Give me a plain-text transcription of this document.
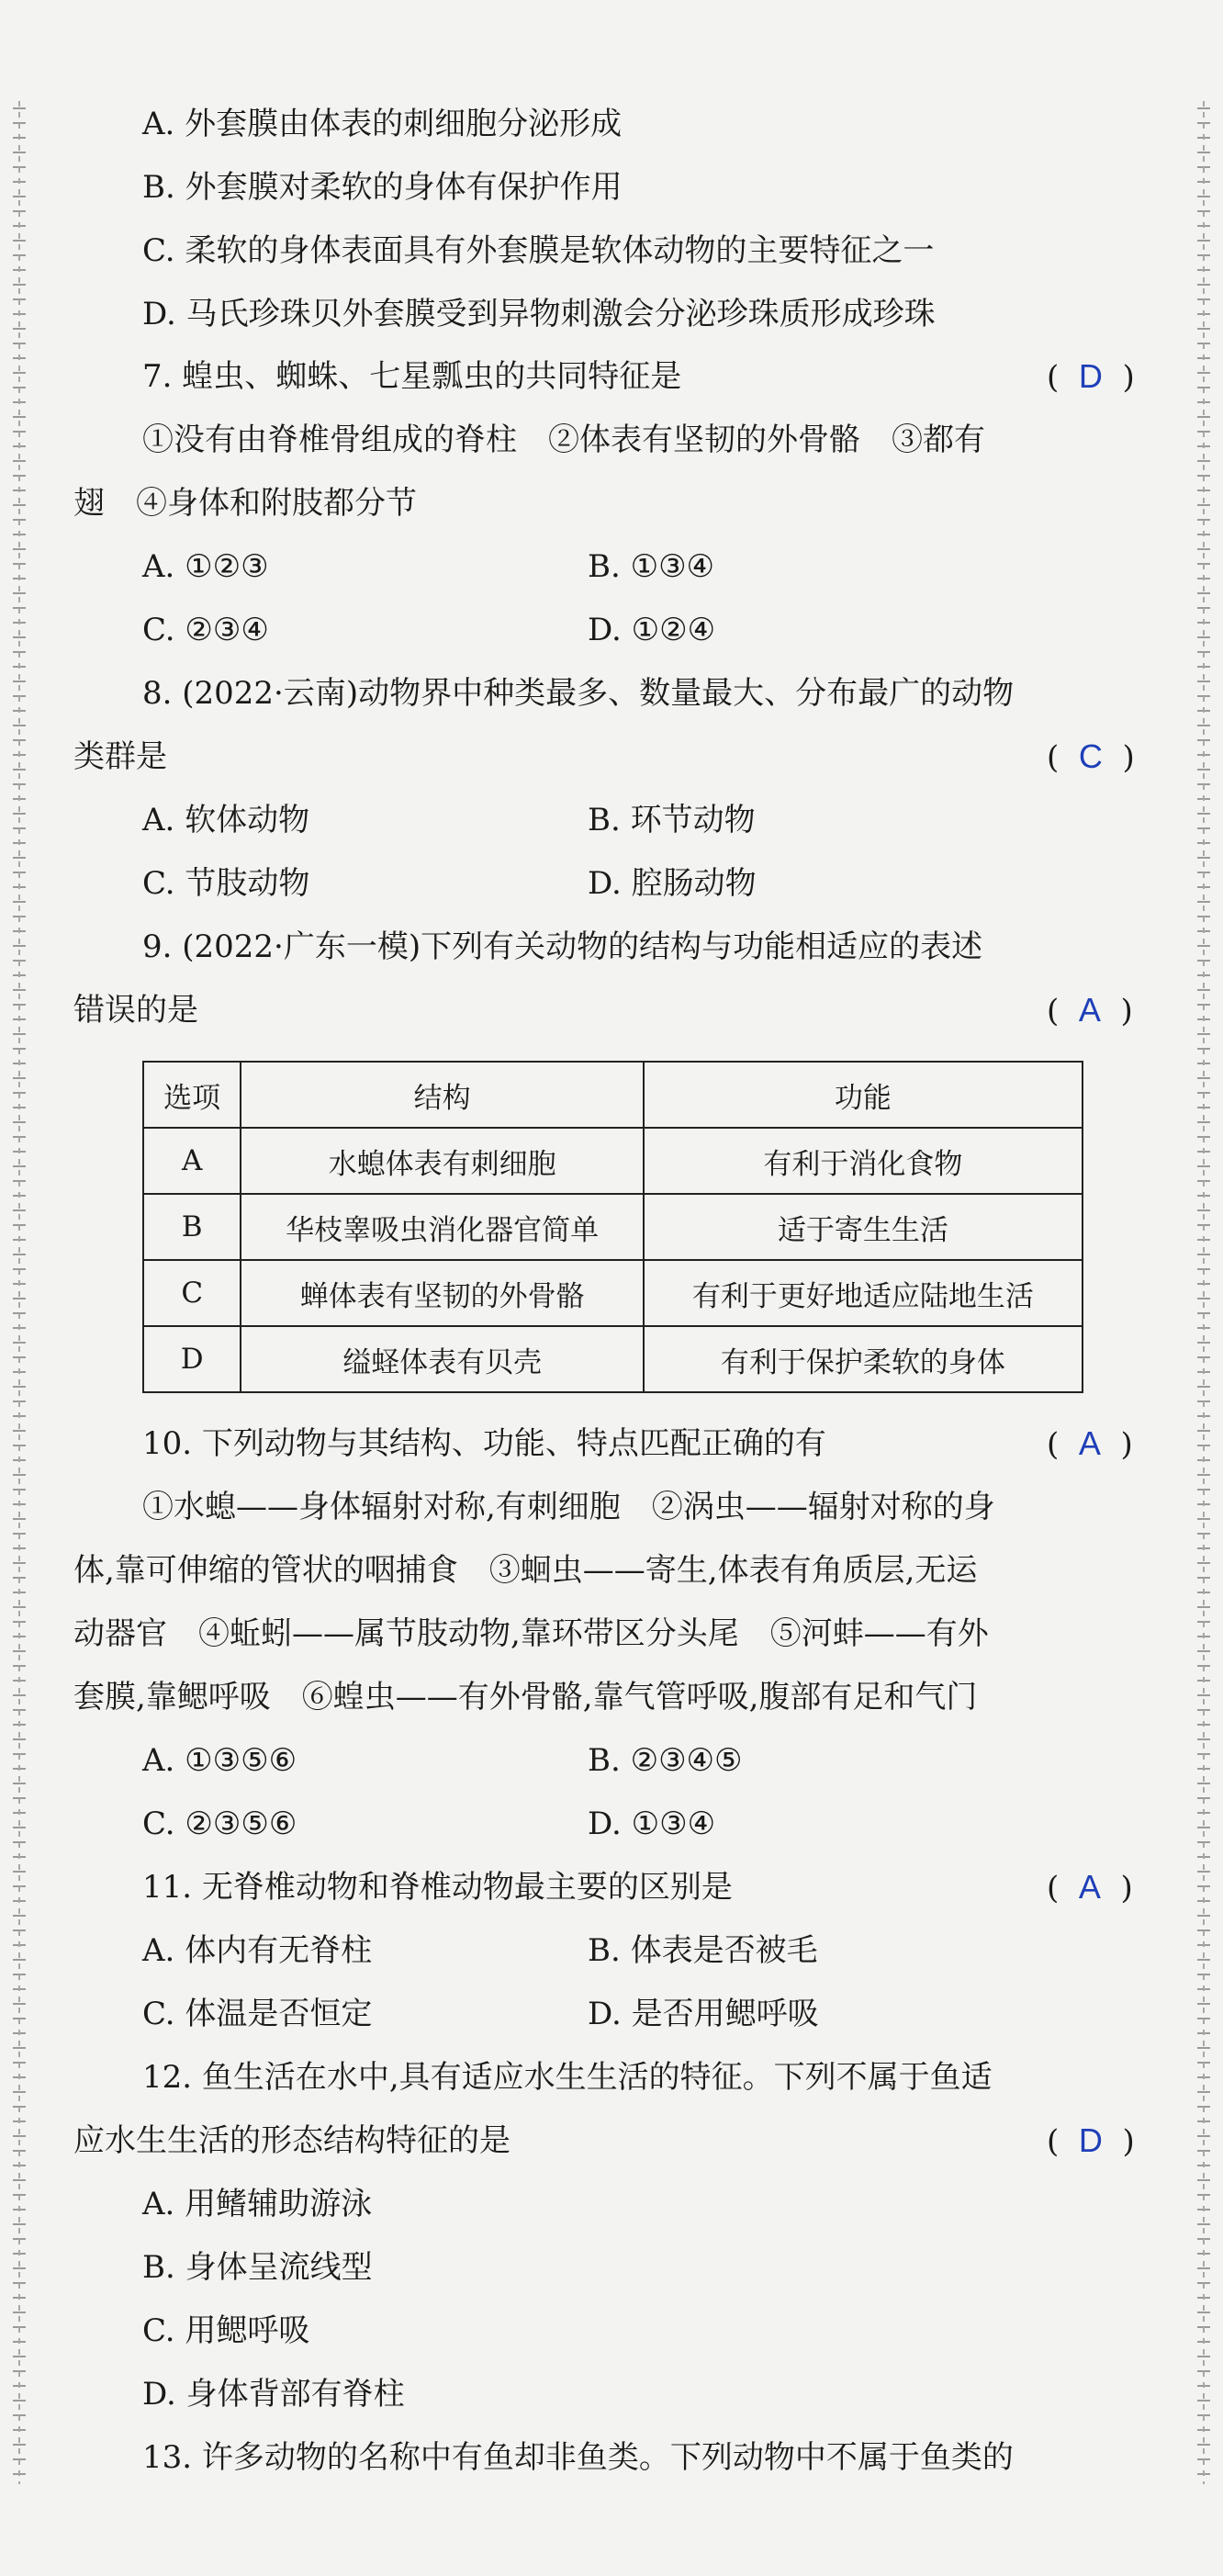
A. 外套膜由体表的刺细胞分泌形成
B. 外套膜对柔软的身体有保护作用
C. 柔软的身体表面具有外套膜是软体动物的主要特征之一
D. 马氏珍珠贝外套膜受到异物刺激会分泌珍珠质形成珍珠
7. 蝗虫、蜘蛛、七星瓢虫的共同特征是	( D )
①没有由脊椎骨组成的脊柱　②体表有坚韧的外骨骼　③都有
翅　④身体和附肢都分节
A. ①②③	B. ①③④
C. ②③④	D. ①②④
8. (2022·云南)动物界中种类最多、数量最大、分布最广的动物
类群是	( C )
A. 软体动物	B. 环节动物
C. 节肢动物	D. 腔肠动物
9. (2022·广东一模)下列有关动物的结构与功能相适应的表述
错误的是	( A )
选项	结构	功能
A	水螅体表有刺细胞	有利于消化食物
B	华枝睾吸虫消化器官简单	适于寄生生活
C	蝉体表有坚韧的外骨骼	有利于更好地适应陆地生活
D	缢蛏体表有贝壳	有利于保护柔软的身体
10. 下列动物与其结构、功能、特点匹配正确的有	( A )
①水螅——身体辐射对称,有刺细胞　②涡虫——辐射对称的身
体,靠可伸缩的管状的咽捕食　③蛔虫——寄生,体表有角质层,无运
动器官　④蚯蚓——属节肢动物,靠环带区分头尾　⑤河蚌——有外
套膜,靠鳃呼吸　⑥蝗虫——有外骨骼,靠气管呼吸,腹部有足和气门
A. ①③⑤⑥	B. ②③④⑤
C. ②③⑤⑥	D. ①③④
11. 无脊椎动物和脊椎动物最主要的区别是	( A )
A. 体内有无脊柱	B. 体表是否被毛
C. 体温是否恒定	D. 是否用鳃呼吸
12. 鱼生活在水中,具有适应水生生活的特征。下列不属于鱼适
应水生生活的形态结构特征的是	( D )
A. 用鳍辅助游泳
B. 身体呈流线型
C. 用鳃呼吸
D. 身体背部有脊柱
13. 许多动物的名称中有鱼却非鱼类。下列动物中不属于鱼类的
